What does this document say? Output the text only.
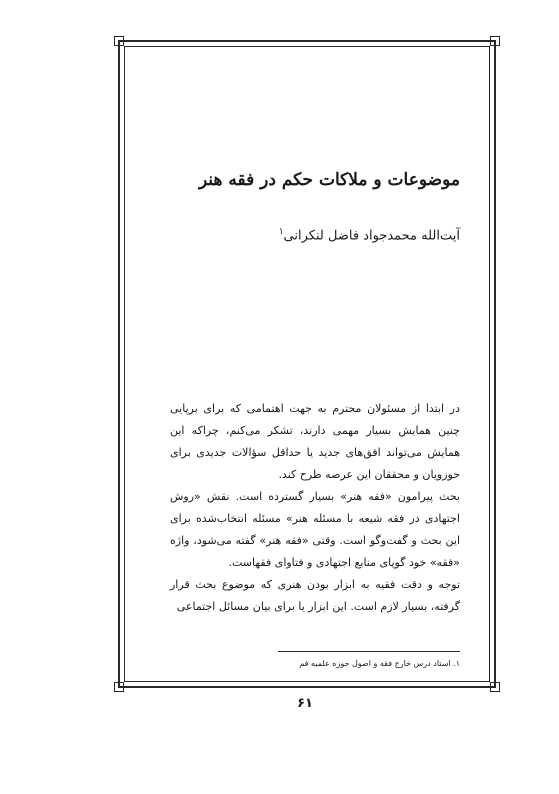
موضوعات و ملاکات حکم در فقه هنر
آیت‌الله محمدجواد فاضل لنکرانی$^۱$

در ابتدا از مسئولان محترم به جهت اهتمامی که برای برپایی چنین همایش بسیار مهمی دارند، تشکر می‌کنم، چراکه این همایش می‌تواند افق‌های جدید یا حداقل سؤالات جدیدی برای حوزویان و محققان این عرصه طرح کند.

بحث پیرامون «فقه هنر» بسیار گسترده است. نقش «روش اجتهادی در فقه شیعه با مسئله هنر» مسئله انتخاب‌شده برای این بحث و گفت‌وگو است. وقتی «فقه هنر» گفته می‌شود، واژه «فقه» خود گویای منابع اجتهادی و فتاوای فقهاست.

توجه و دقت فقیه به ابزار بودن هنری که موضوع بحث قرار گرفته، بسیار لازم است. این ابزار یا برای بیان مسائل اجتماعی

۱. استاد درس خارج فقه و اصول حوزه علمیه قم
۶۱
